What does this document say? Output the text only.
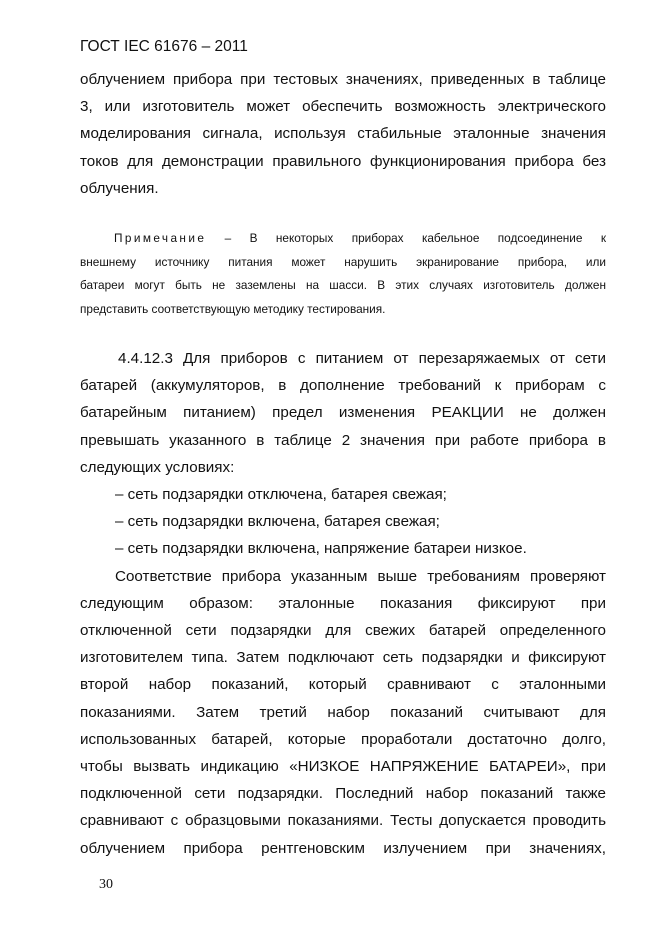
ГОСТ IEC 61676 – 2011
облучением прибора при тестовых значениях, приведенных в таблице
3, или изготовитель может обеспечить возможность электрического
моделирования сигнала, используя стабильные эталонные значения
токов для демонстрации правильного функционирования прибора без
облучения.
Примечание – В некоторых приборах кабельное подсоединение к
внешнему источнику питания может нарушить экранирование прибора, или
батареи могут быть не заземлены на шасси. В этих случаях изготовитель должен
представить соответствующую методику тестирования.
4.4.12.3 Для приборов с питанием от перезаряжаемых от сети
батарей (аккумуляторов, в дополнение требований к приборам с
батарейным питанием) предел изменения РЕАКЦИИ не должен
превышать указанного в таблице 2 значения при работе прибора в
следующих условиях:
– сеть подзарядки отключена, батарея свежая;
– сеть подзарядки включена, батарея свежая;
– сеть подзарядки включена, напряжение батареи низкое.
Соответствие прибора указанным выше требованиям проверяют
следующим образом: эталонные показания фиксируют при
отключенной сети подзарядки для свежих батарей определенного
изготовителем типа. Затем подключают сеть подзарядки и фиксируют
второй набор показаний, который сравнивают с эталонными
показаниями. Затем третий набор показаний считывают для
использованных батарей, которые проработали достаточно долго,
чтобы вызвать индикацию «НИЗКОЕ НАПРЯЖЕНИЕ БАТАРЕИ», при
подключенной сети подзарядки. Последний набор показаний также
сравнивают с образцовыми показаниями. Тесты допускается проводить
облучением прибора рентгеновским излучением при значениях,
30
